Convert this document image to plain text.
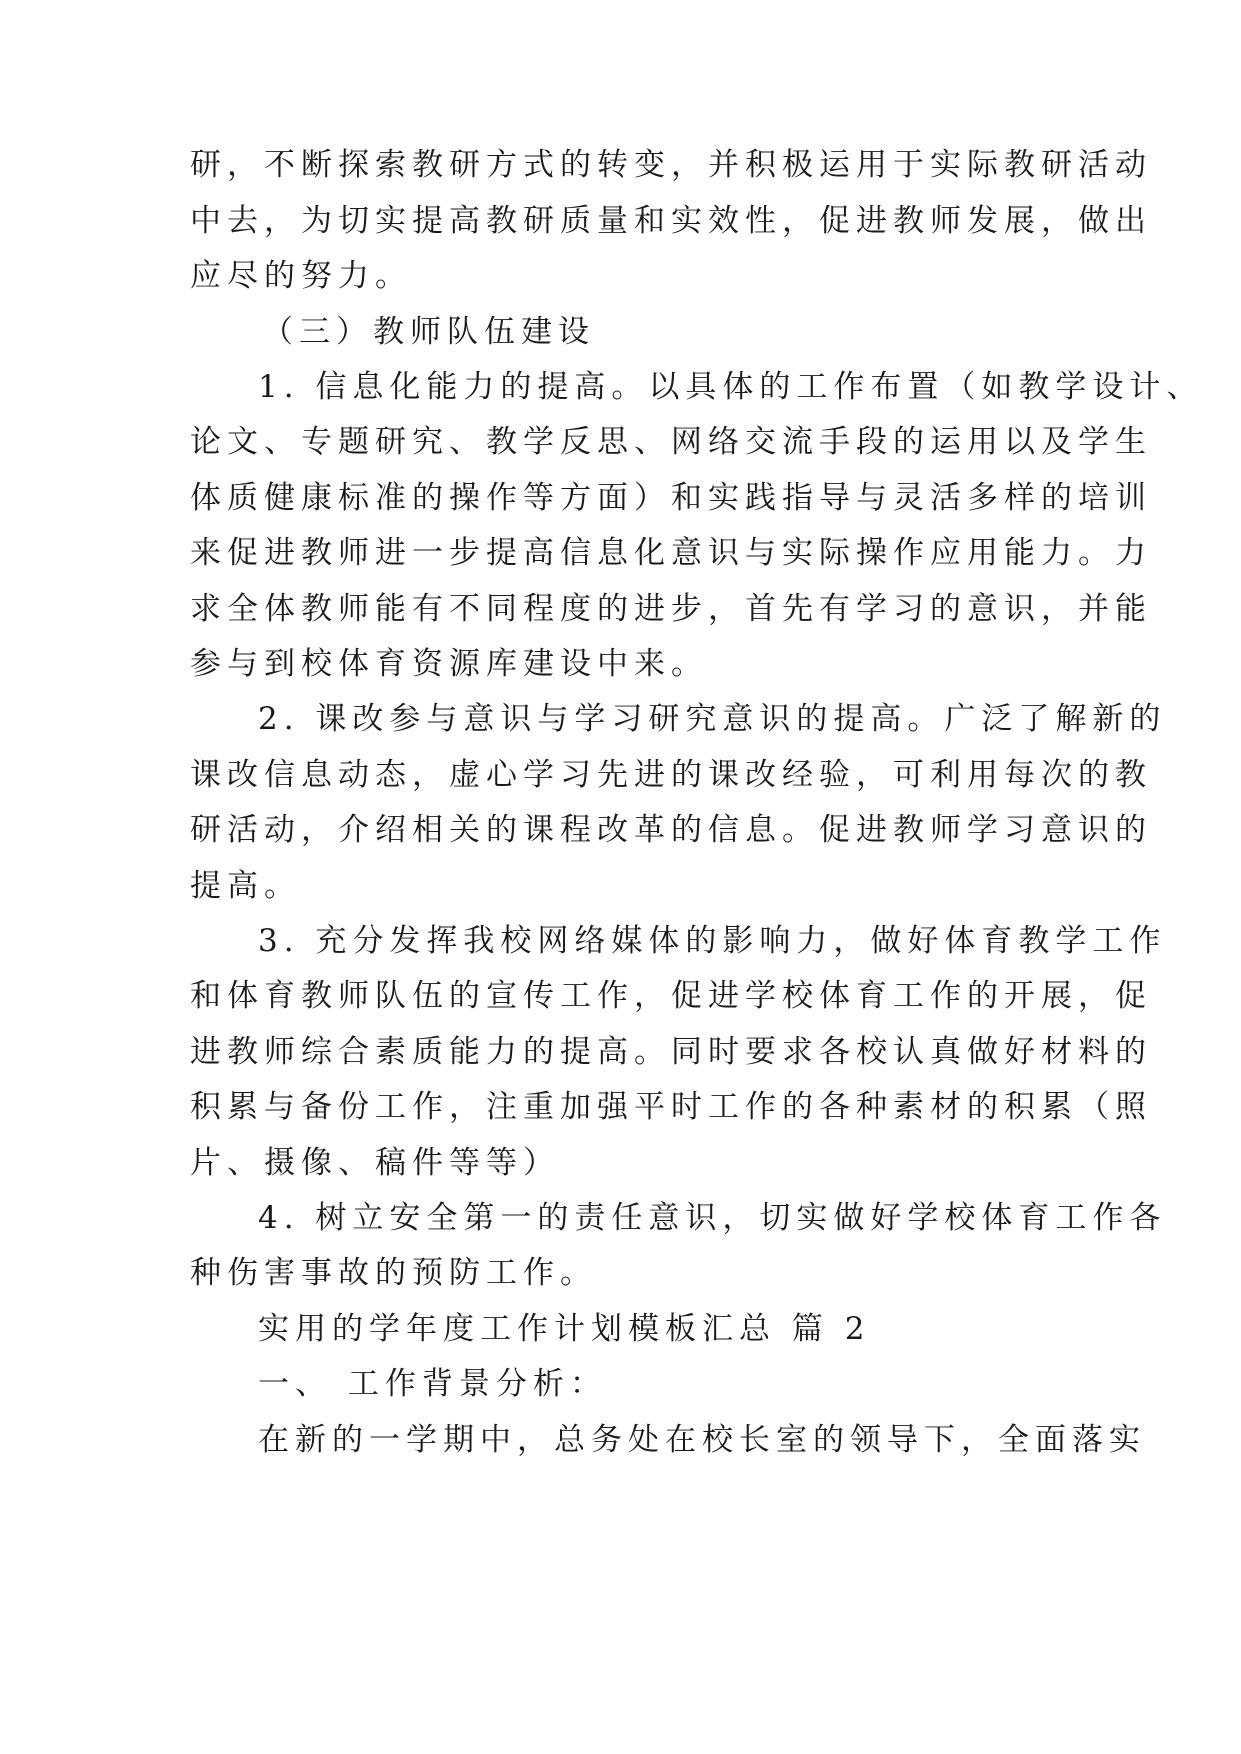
研，不断探索教研方式的转变，并积极运用于实际教研活动
中去，为切实提高教研质量和实效性，促进教师发展，做出
应尽的努力。
（三）教师队伍建设
1. 信息化能力的提高。以具体的工作布置（如教学设计、
论文、专题研究、教学反思、网络交流手段的运用以及学生
体质健康标准的操作等方面）和实践指导与灵活多样的培训
来促进教师进一步提高信息化意识与实际操作应用能力。力
求全体教师能有不同程度的进步，首先有学习的意识，并能
参与到校体育资源库建设中来。
2. 课改参与意识与学习研究意识的提高。广泛了解新的
课改信息动态，虚心学习先进的课改经验，可利用每次的教
研活动，介绍相关的课程改革的信息。促进教师学习意识的
提高。
3. 充分发挥我校网络媒体的影响力，做好体育教学工作
和体育教师队伍的宣传工作，促进学校体育工作的开展，促
进教师综合素质能力的提高。同时要求各校认真做好材料的
积累与备份工作，注重加强平时工作的各种素材的积累（照
片、摄像、稿件等等）
4. 树立安全第一的责任意识，切实做好学校体育工作各
种伤害事故的预防工作。
实用的学年度工作计划模板汇总 篇 2
一、 工作背景分析：
在新的一学期中，总务处在校长室的领导下，全面落实
